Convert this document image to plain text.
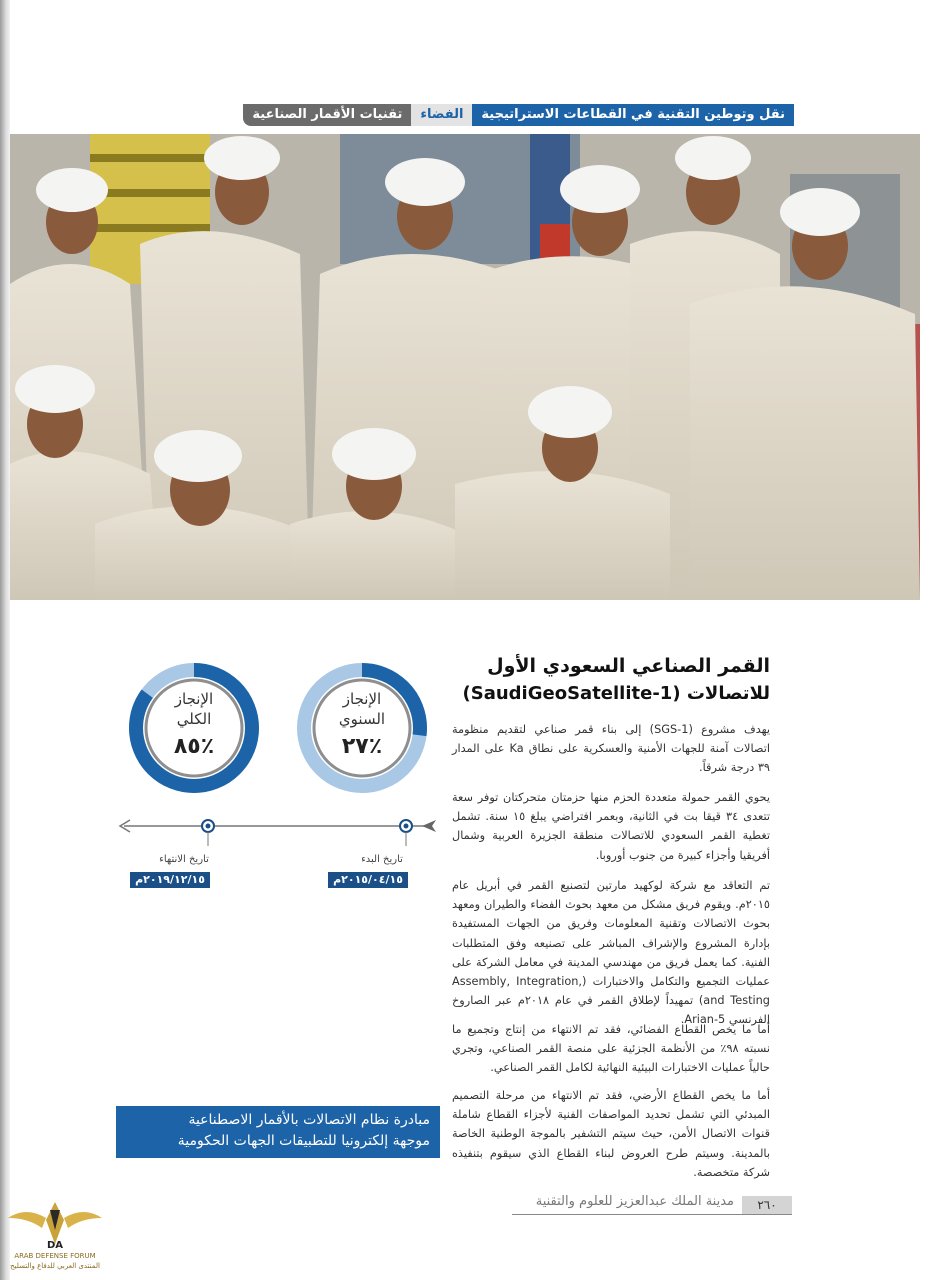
نقل وتوطين التقنية في القطاعات الاستراتيجية
الفضاء
تقنيات الأقمار الصناعية
القمر الصناعي السعودي الأول
للاتصالات (SaudiGeoSatellite-1)
يهدف مشروع (SGS-1) إلى بناء قمر صناعي لتقديم منظومة اتصالات آمنة للجهات الأمنية والعسكرية على نطاق Ka على المدار ٣٩ درجة شرقاً.
يحوي القمر حمولة متعددة الحزم منها حزمتان متحركتان توفر سعة تتعدى ٣٤ قيقا بت في الثانية، وبعمر افتراضي يبلغ ١٥ سنة. تشمل تغطية القمر السعودي للاتصالات منطقة الجزيرة العربية وشمال أفريقيا وأجزاء كبيرة من جنوب أوروبا.
تم التعاقد مع شركة لوكهيد مارتين لتصنيع القمر في أبريل عام ٢٠١٥م. ويقوم فريق مشكل من معهد بحوث الفضاء والطيران ومعهد بحوث الاتصالات وتقنية المعلومات وفريق من الجهات المستفيدة بإدارة المشروع والإشراف المباشر على تصنيعه وفق المتطلبات الفنية. كما يعمل فريق من مهندسي المدينة في معامل الشركة على عمليات التجميع والتكامل والاختبارات (Assembly, Integration, and Testing) تمهيداً لإطلاق القمر في عام ٢٠١٨م عبر الصاروخ الفرنسي Arian-5.
أما ما يخص القطاع الفضائي، فقد تم الانتهاء من إنتاج وتجميع ما نسبته ٩٨٪ من الأنظمة الجزئية على منصة القمر الصناعي، وتجري حالياً عمليات الاختبارات البيئية النهائية لكامل القمر الصناعي.
أما ما يخص القطاع الأرضي، فقد تم الانتهاء من مرحلة التصميم المبدئي التي تشمل تحديد المواصفات الفنية لأجزاء القطاع شاملة قنوات الاتصال الأمن، حيث سيتم التشفير بالموجة الوطنية الخاصة بالمدينة. وسيتم طرح العروض لبناء القطاع الذي سيقوم بتنفيذه شركة متخصصة.
الإنجاز
السنوي
٢٧٪
الإنجاز
الكلي
٨٥٪
تاريخ الانتهاء
٢٠١٩/١٢/١٥م
تاريخ البدء
٢٠١٥/٠٤/١٥م
مبادرة نظام الاتصالات بالأقمار الاصطناعية
موجهة إلكترونيا للتطبيقات الجهات الحكومية
مدينة الملك عبدالعزيز للعلوم والتقنية	٢٦٠
DA
ARAB DEFENSE FORUM
المنتدى العربي للدفاع والتسليح
